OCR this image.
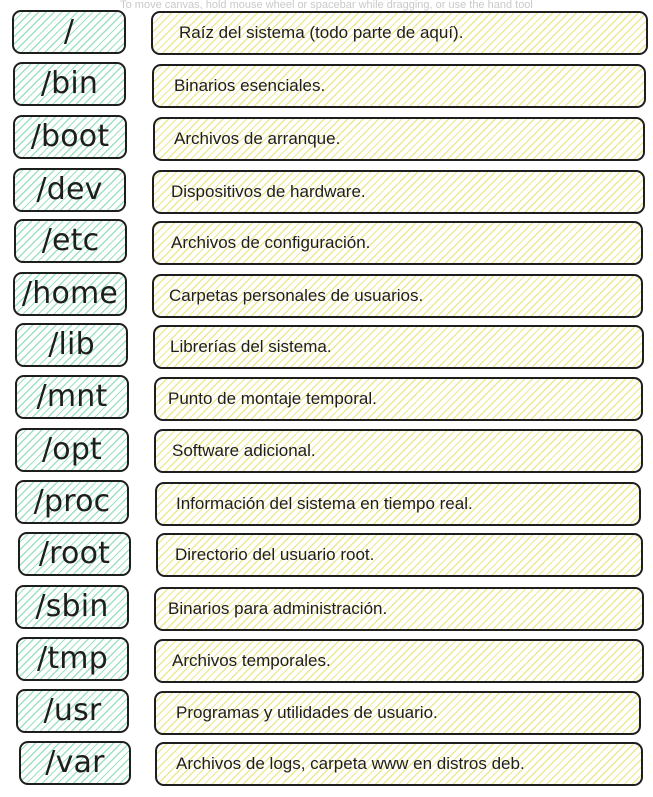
To move canvas, hold mouse wheel or spacebar while dragging, or use the hand tool
/	Raíz del sistema (todo parte de aquí).
/bin	Binarios esenciales.
/boot	Archivos de arranque.
/dev	Dispositivos de hardware.
/etc	Archivos de configuración.
/home	Carpetas personales de usuarios.
/lib	Librerías del sistema.
/mnt	Punto de montaje temporal.
/opt	Software adicional.
/proc	Información del sistema en tiempo real.
/root	Directorio del usuario root.
/sbin	Binarios para administración.
/tmp	Archivos temporales.
/usr	Programas y utilidades de usuario.
/var	Archivos de logs, carpeta www en distros deb.
